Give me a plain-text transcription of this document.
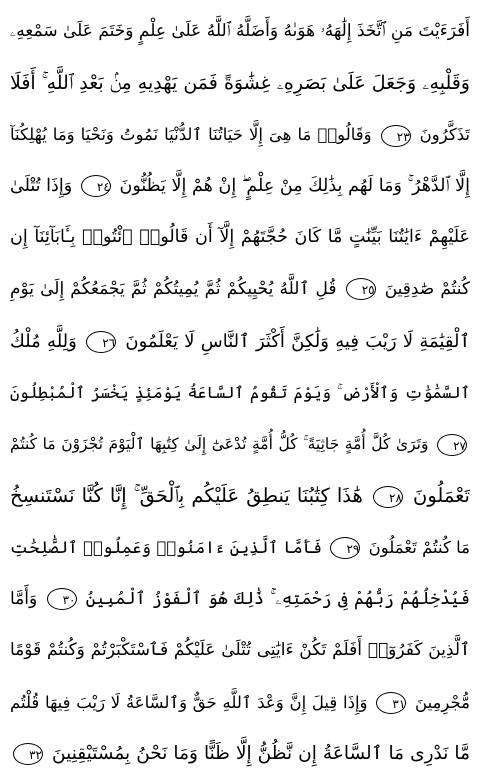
أَفَرَءَيْتَ مَنِ ٱتَّخَذَ إِلَٰهَهُۥ هَوَىٰهُ وَأَضَلَّهُ ٱللَّهُ عَلَىٰ عِلْمٍ وَخَتَمَ عَلَىٰ سَمْعِهِۦ
وَقَلْبِهِۦ وَجَعَلَ عَلَىٰ بَصَرِهِۦ غِشَٰوَةً فَمَن يَهْدِيهِ مِنۢ بَعْدِ ٱللَّهِ ۚ أَفَلَا
تَذَكَّرُونَ ٢٣ وَقَالُوا۟ مَا هِىَ إِلَّا حَيَاتُنَا ٱلدُّنْيَا نَمُوتُ وَنَحْيَا وَمَا يُهْلِكُنَآ
إِلَّا ٱلدَّهْرُ ۚ وَمَا لَهُم بِذَٰلِكَ مِنْ عِلْمٍ ۖ إِنْ هُمْ إِلَّا يَظُنُّونَ ٢٤ وَإِذَا تُتْلَىٰ
عَلَيْهِمْ ءَايَٰتُنَا بَيِّنَٰتٍ مَّا كَانَ حُجَّتَهُمْ إِلَّآ أَن قَالُوا۟ ٱئْتُوا۟ بِـَٔابَآئِنَآ إِن
كُنتُمْ صَٰدِقِينَ ٢٥ قُلِ ٱللَّهُ يُحْيِيكُمْ ثُمَّ يُمِيتُكُمْ ثُمَّ يَجْمَعُكُمْ إِلَىٰ يَوْمِ
ٱلْقِيَٰمَةِ لَا رَيْبَ فِيهِ وَلَٰكِنَّ أَكْثَرَ ٱلنَّاسِ لَا يَعْلَمُونَ ٢٦ وَلِلَّهِ مُلْكُ
ٱلسَّمَٰوَٰتِ وَٱلْأَرْضِ ۚ وَيَوْمَ تَقُومُ ٱلسَّاعَةُ يَوْمَئِذٍ يَخْسَرُ ٱلْمُبْطِلُونَ
٢٧ وَتَرَىٰ كُلَّ أُمَّةٍ جَاثِيَةً ۚ كُلُّ أُمَّةٍ تُدْعَىٰٓ إِلَىٰ كِتَٰبِهَا ٱلْيَوْمَ تُجْزَوْنَ مَا كُنتُمْ
تَعْمَلُونَ ٢٨ هَٰذَا كِتَٰبُنَا يَنطِقُ عَلَيْكُم بِٱلْحَقِّ ۚ إِنَّا كُنَّا نَسْتَنسِخُ
مَا كُنتُمْ تَعْمَلُونَ ٢٩ فَأَمَّا ٱلَّذِينَ ءَامَنُوا۟ وَعَمِلُوا۟ ٱلصَّٰلِحَٰتِ
فَيُدْخِلُهُمْ رَبُّهُمْ فِى رَحْمَتِهِۦ ۚ ذَٰلِكَ هُوَ ٱلْفَوْزُ ٱلْمُبِينُ ٣٠ وَأَمَّا
ٱلَّذِينَ كَفَرُوٓا۟ أَفَلَمْ تَكُنْ ءَايَٰتِى تُتْلَىٰ عَلَيْكُمْ فَٱسْتَكْبَرْتُمْ وَكُنتُمْ قَوْمًا
مُّجْرِمِينَ ٣١ وَإِذَا قِيلَ إِنَّ وَعْدَ ٱللَّهِ حَقٌّ وَٱلسَّاعَةُ لَا رَيْبَ فِيهَا قُلْتُم
مَّا نَدْرِى مَا ٱلسَّاعَةُ إِن نَّظُنُّ إِلَّا ظَنًّا وَمَا نَحْنُ بِمُسْتَيْقِنِينَ ٣٢
